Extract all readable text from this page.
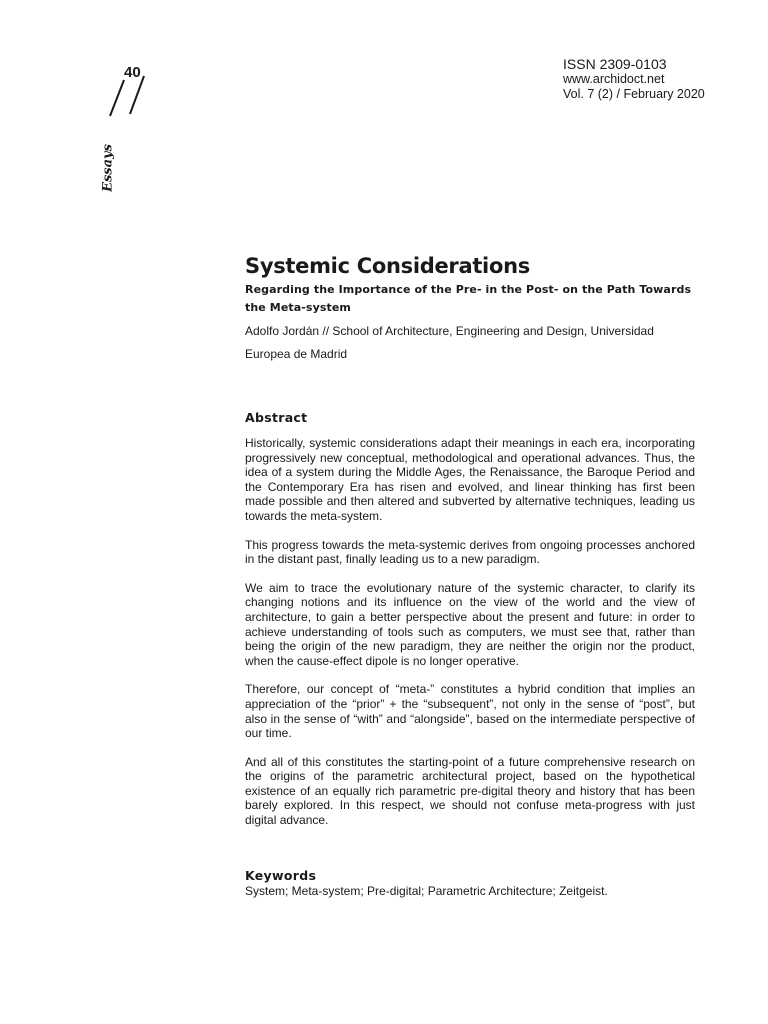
40
Essays
ISSN 2309-0103
www.archidoct.net
Vol. 7 (2) / February 2020
Systemic Considerations

Regarding the Importance of the Pre- in the Post- on the Path Towards the Meta-system

Adolfo Jordán // School of Architecture, Engineering and Design, Universidad Europea de Madrid

Abstract

Historically, systemic considerations adapt their meanings in each era, incorporating progressively new conceptual, methodological and operational advances. Thus, the idea of a system during the Middle Ages, the Renaissance, the Baroque Period and the Contemporary Era has risen and evolved, and linear thinking has first been made possible and then altered and subverted by alternative techniques, leading us towards the meta-system.

This progress towards the meta-systemic derives from ongoing processes anchored in the distant past, finally leading us to a new paradigm.

We aim to trace the evolutionary nature of the systemic character, to clarify its changing notions and its influence on the view of the world and the view of architecture, to gain a better perspective about the present and future: in order to achieve understanding of tools such as computers, we must see that, rather than being the origin of the new paradigm, they are neither the origin nor the product, when the cause-effect dipole is no longer operative.

Therefore, our concept of “meta-” constitutes a hybrid condition that implies an appreciation of the “prior” + the “subsequent”, not only in the sense of “post”, but also in the sense of “with” and “alongside”, based on the intermediate perspective of our time.

And all of this constitutes the starting-point of a future comprehensive research on the origins of the parametric architectural project, based on the hypothetical existence of an equally rich parametric pre-digital theory and history that has been barely explored. In this respect, we should not confuse meta-progress with just digital advance.

Keywords

System; Meta-system; Pre-digital; Parametric Architecture; Zeitgeist.
